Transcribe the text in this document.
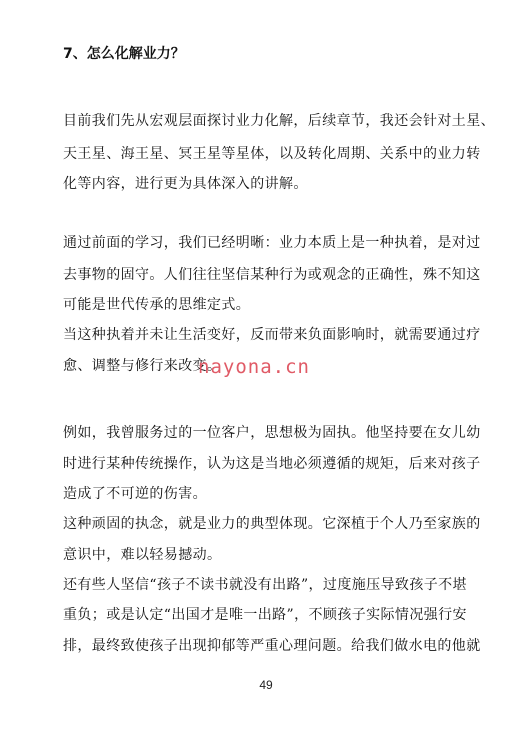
7、怎么化解业力？
目前我们先从宏观层面探讨业力化解，后续章节，我还会针对土星、
天王星、海王星、冥王星等星体，以及转化周期、关系中的业力转
化等内容，进行更为具体深入的讲解。
通过前面的学习，我们已经明晰：业力本质上是一种执着，是对过
去事物的固守。人们往往坚信某种行为或观念的正确性，殊不知这
可能是世代传承的思维定式。
当这种执着并未让生活变好，反而带来负面影响时，就需要通过疗
愈、调整与修行来改变。
nayona.cn
例如，我曾服务过的一位客户，思想极为固执。他坚持要在女儿幼
时进行某种传统操作，认为这是当地必须遵循的规矩，后来对孩子
造成了不可逆的伤害。
这种顽固的执念，就是业力的典型体现。它深植于个人乃至家族的
意识中，难以轻易撼动。
还有些人坚信“孩子不读书就没有出路”，过度施压导致孩子不堪
重负；或是认定“出国才是唯一出路”，不顾孩子实际情况强行安
排，最终致使孩子出现抑郁等严重心理问题。给我们做水电的他就
49
